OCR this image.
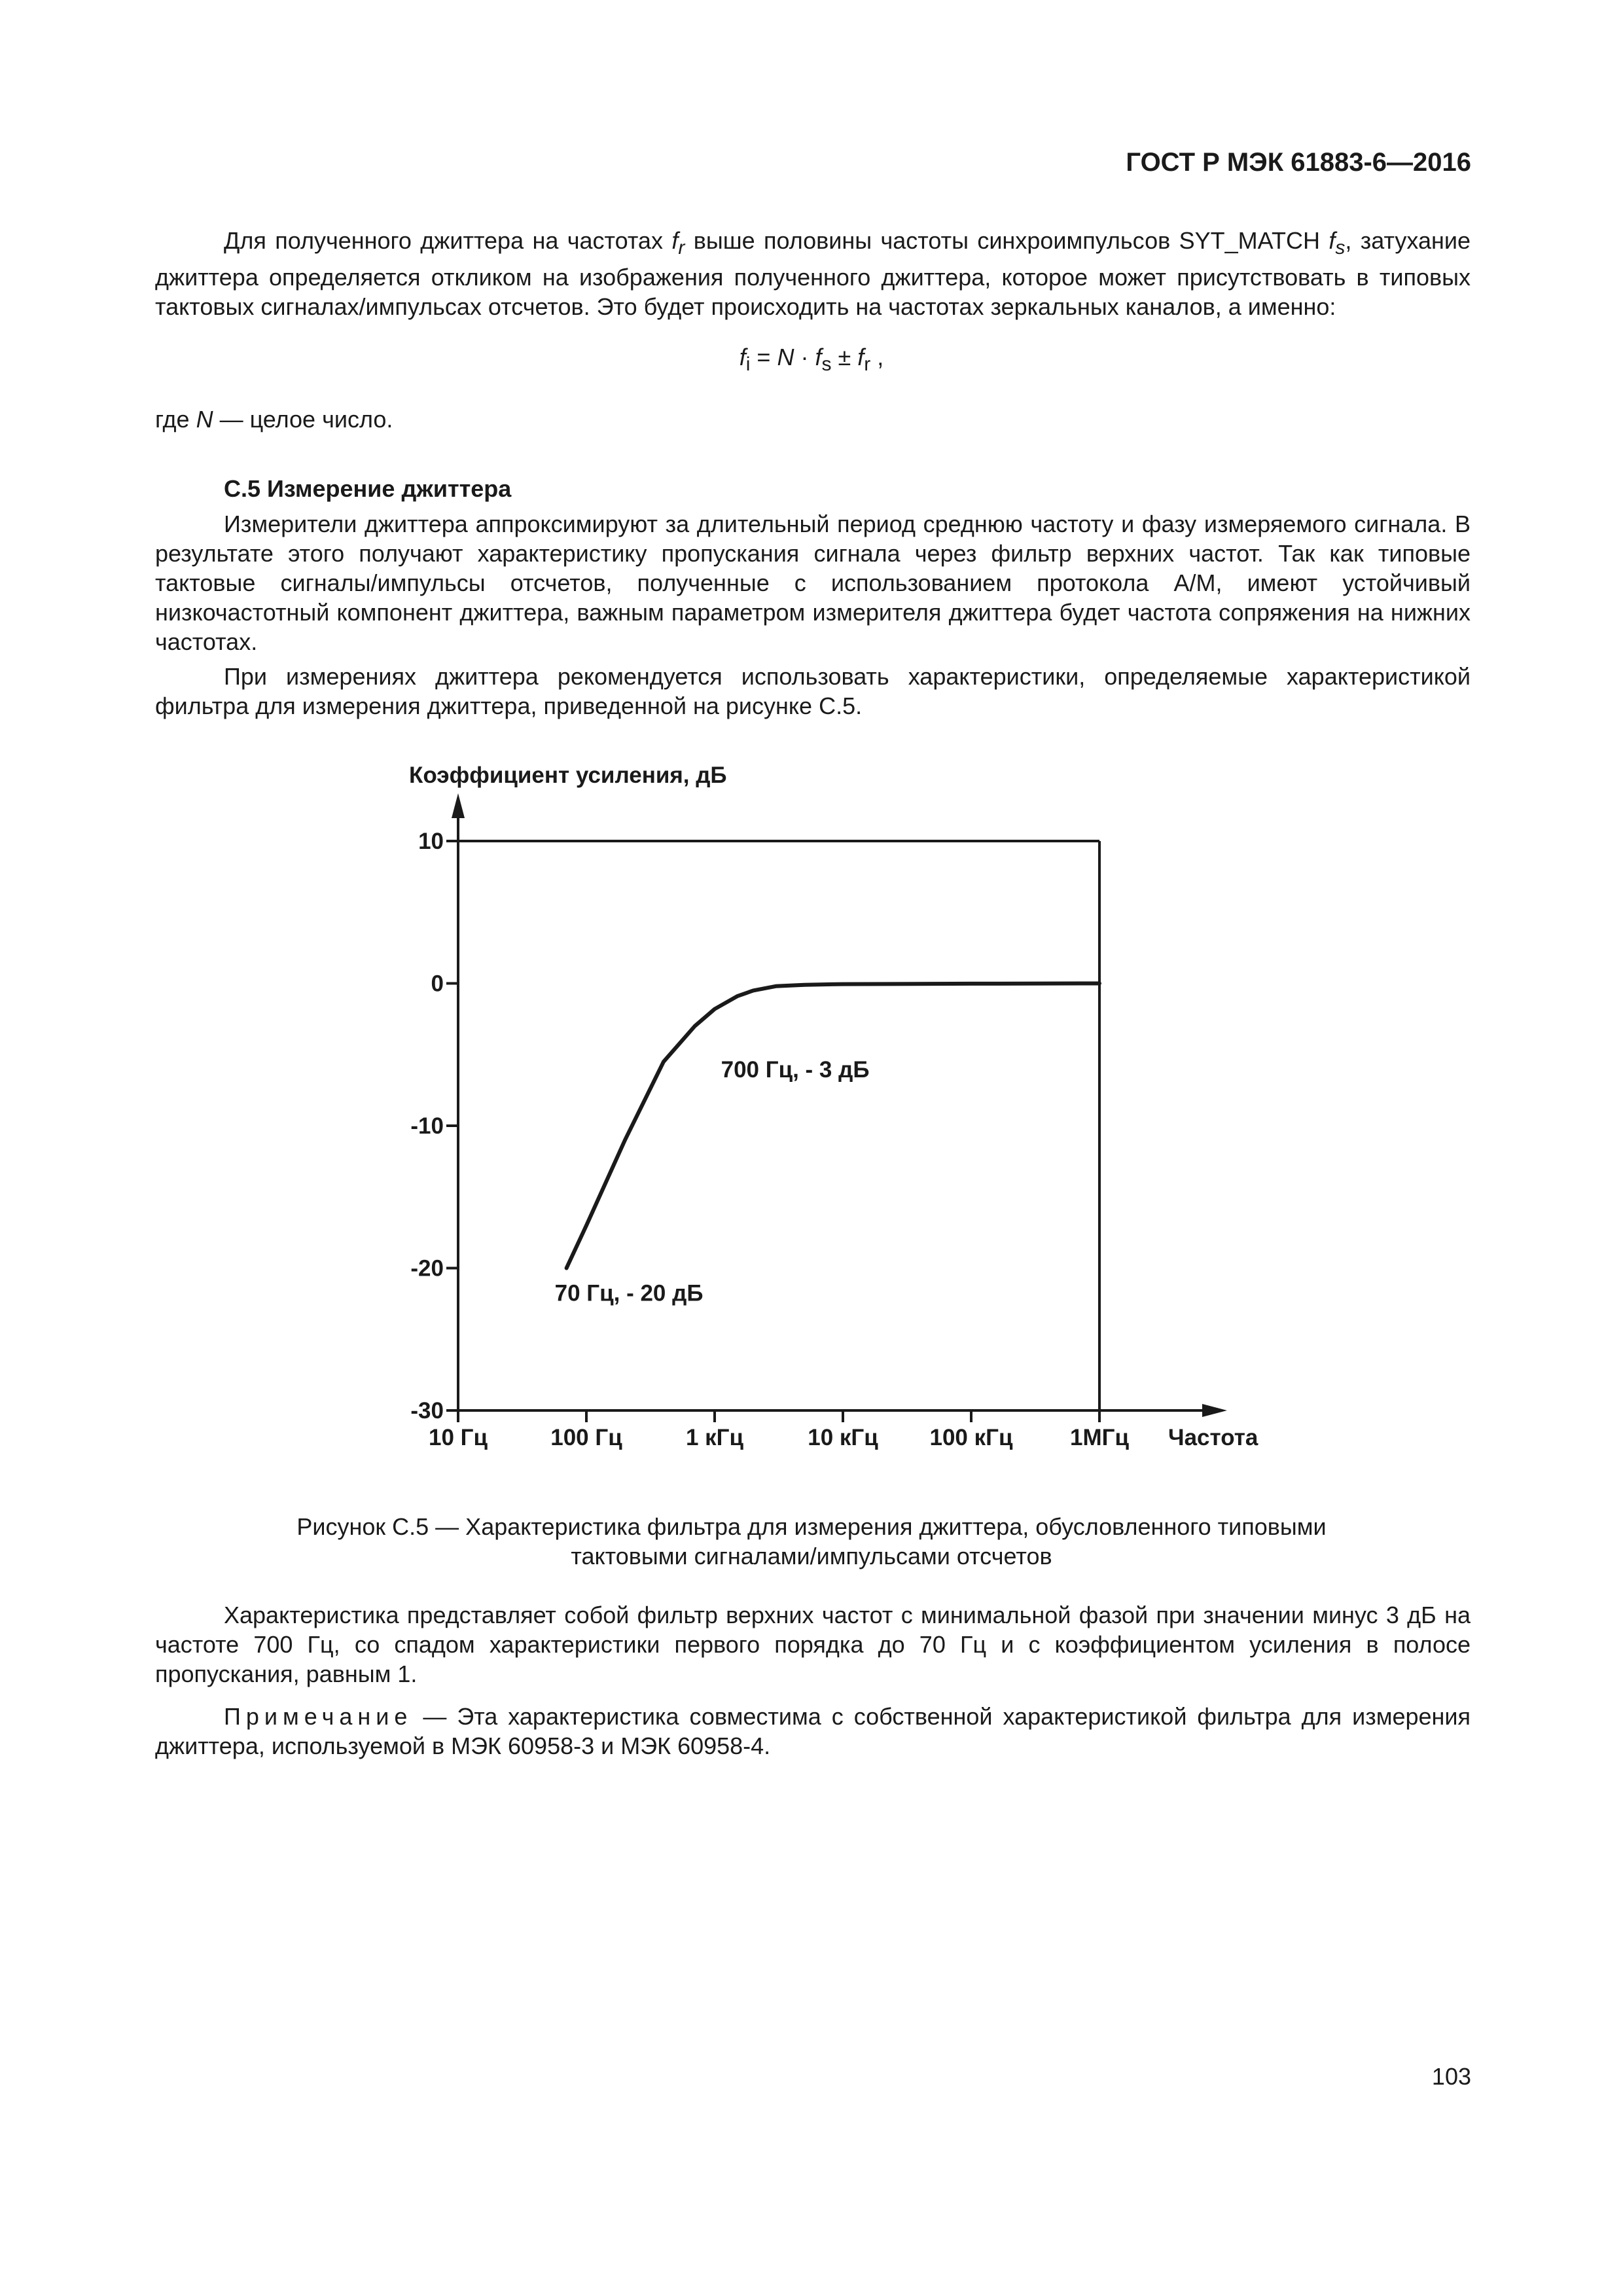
ГОСТ Р МЭК 61883-6—2016
Для полученного джиттера на частотах $f_r$ выше половины частоты синхроимпульсов SYT_MATCH $f_s$, затухание джиттера определяется откликом на изображения полученного джиттера, которое может присутствовать в типовых тактовых сигналах/импульсах отсчетов. Это будет происходить на частотах зеркальных каналов, а именно:
$f_i = N \cdot f_s \pm f_r$ ,
где N — целое число.
С.5 Измерение джиттера
Измерители джиттера аппроксимируют за длительный период среднюю частоту и фазу измеряемого сигнала. В результате этого получают характеристику пропускания сигнала через фильтр верхних частот. Так как типовые тактовые сигналы/импульсы отсчетов, полученные с использованием протокола A/M, имеют устойчивый низкочастотный компонент джиттера, важным параметром измерителя джиттера будет частота сопряжения на нижних частотах.
При измерениях джиттера рекомендуется использовать характеристики, определяемые характеристикой фильтра для измерения джиттера, приведенной на рисунке С.5.
10
0
-10
-20
-30
10 Гц	100 Гц	1 кГц	10 кГц 100 кГц	1МГц
Коэффициент усиления, дБ
Частота
700 Гц, - 3 дБ
70 Гц, - 20 дБ
Рисунок С.5 — Характеристика фильтра для измерения джиттера, обусловленного типовыми
тактовыми сигналами/импульсами отсчетов
Характеристика представляет собой фильтр верхних частот с минимальной фазой при значении минус 3 дБ на частоте 700 Гц, со спадом характеристики первого порядка до 70 Гц и с коэффициентом усиления в полосе пропускания, равным 1.
Примечание — Эта характеристика совместима с собственной характеристикой фильтра для измерения джиттера, используемой в МЭК 60958-3 и МЭК 60958-4.
103
